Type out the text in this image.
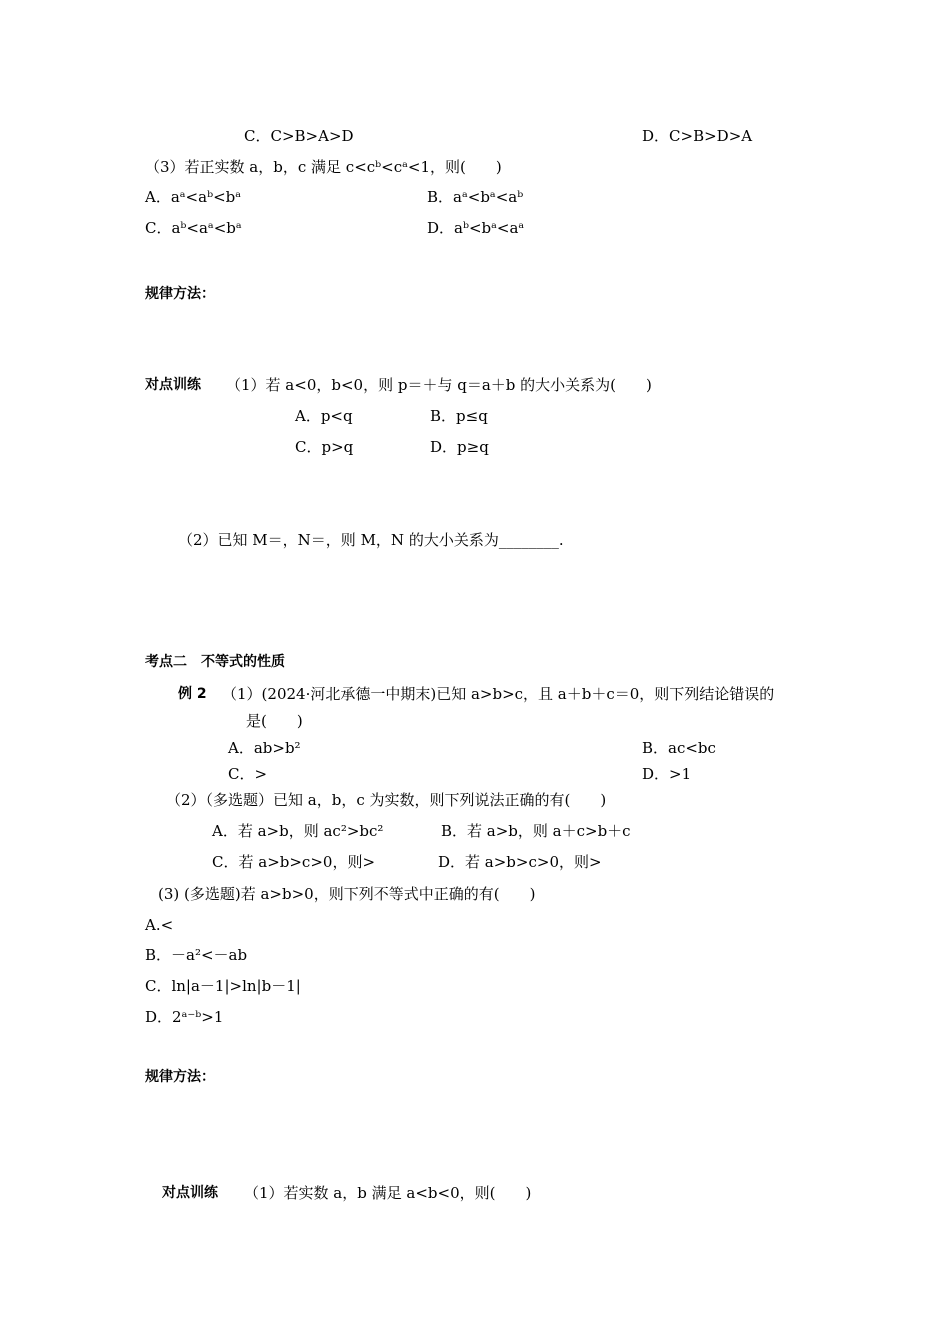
C．C>B>A>D	D．C>B>D>A
（3）若正实数 a，b，c 满足 c<cᵇ<cᵃ<1，则(　　)
A．aᵃ<aᵇ<bᵃ	B．aᵃ<bᵃ<aᵇ
C．aᵇ<aᵃ<bᵃ	D．aᵇ<bᵃ<aᵃ
规律方法：
对点训练 （1）若 a<0，b<0，则 p＝＋与 q＝a＋b 的大小关系为(　　)
A．p<q	B．p≤q
C．p>q	D．p≥q
（2）已知 M＝，N＝，则 M，N 的大小关系为________.
考点二　不等式的性质
例 2 （1）(2024·河北承德一中期末)已知 a>b>c，且 a＋b＋c＝0，则下列结论错误的
是(　　)
A．ab>b²	B．ac<bc
C．>	D．>1
（2）（多选题）已知 a，b，c 为实数，则下列说法正确的有(　　)
A．若 a>b，则 ac²>bc²	B．若 a>b，则 a＋c>b＋c
C．若 a>b>c>0，则>	D．若 a>b>c>0，则>
(3) (多选题)若 a>b>0，则下列不等式中正确的有(　　)
A.<
B．－a²<－ab
C．ln|a－1|>ln|b－1|
D．2ᵃ⁻ᵇ>1
规律方法：
对点训练 （1）若实数 a，b 满足 a<b<0，则(　　)
